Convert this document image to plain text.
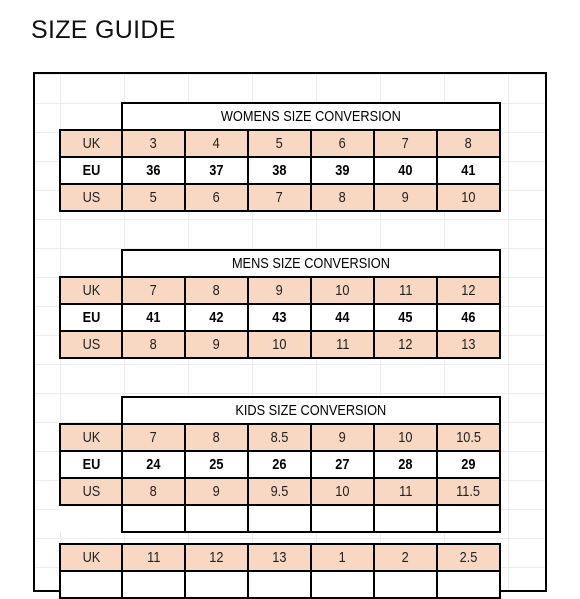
SIZE GUIDE
	WOMENS SIZE CONVERSION					
UK	3	4	5	6	7	8
EU	36	37	38	39	40	41
US	5	6	7	8	9	10
	MENS SIZE CONVERSION					
UK	7	8	9	10	11	12
EU	41	42	43	44	45	46
US	8	9	10	11	12	13
	KIDS SIZE CONVERSION					
UK	7	8	8.5	9	10	10.5
EU	24	25	26	27	28	29
US	8	9	9.5	10	11	11.5

UK	11	12	13	1	2	2.5
